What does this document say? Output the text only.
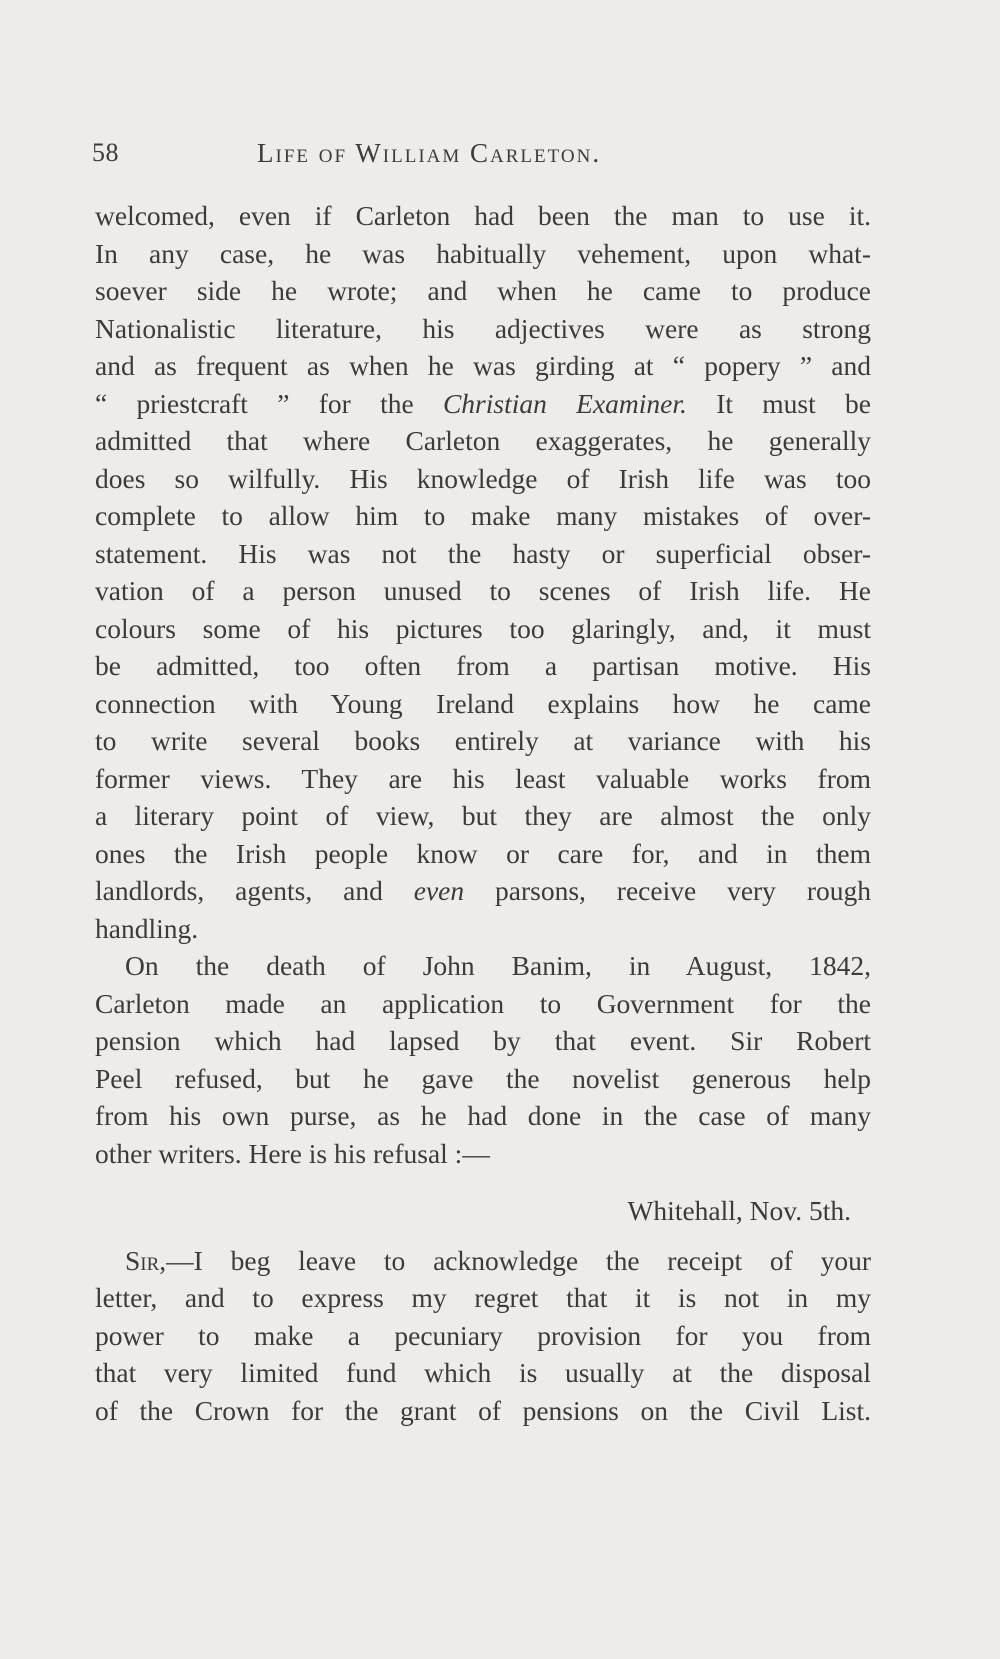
58	Life of William Carleton.
welcomed, even if Carleton had been the man to use it.
In any case, he was habitually vehement, upon what-
soever side he wrote; and when he came to produce
Nationalistic literature, his adjectives were as strong
and as frequent as when he was girding at “ popery ” and
“ priestcraft ” for the Christian Examiner. It must be
admitted that where Carleton exaggerates, he generally
does so wilfully. His knowledge of Irish life was too
complete to allow him to make many mistakes of over-
statement. His was not the hasty or superficial obser-
vation of a person unused to scenes of Irish life. He
colours some of his pictures too glaringly, and, it must
be admitted, too often from a partisan motive. His
connection with Young Ireland explains how he came
to write several books entirely at variance with his
former views. They are his least valuable works from
a literary point of view, but they are almost the only
ones the Irish people know or care for, and in them
landlords, agents, and even parsons, receive very rough
handling.
On the death of John Banim, in August, 1842,
Carleton made an application to Government for the
pension which had lapsed by that event. Sir Robert
Peel refused, but he gave the novelist generous help
from his own purse, as he had done in the case of many
other writers. Here is his refusal :—
Whitehall, Nov. 5th.
Sir,—I beg leave to acknowledge the receipt of your
letter, and to express my regret that it is not in my
power to make a pecuniary provision for you from
that very limited fund which is usually at the disposal
of the Crown for the grant of pensions on the Civil List.
